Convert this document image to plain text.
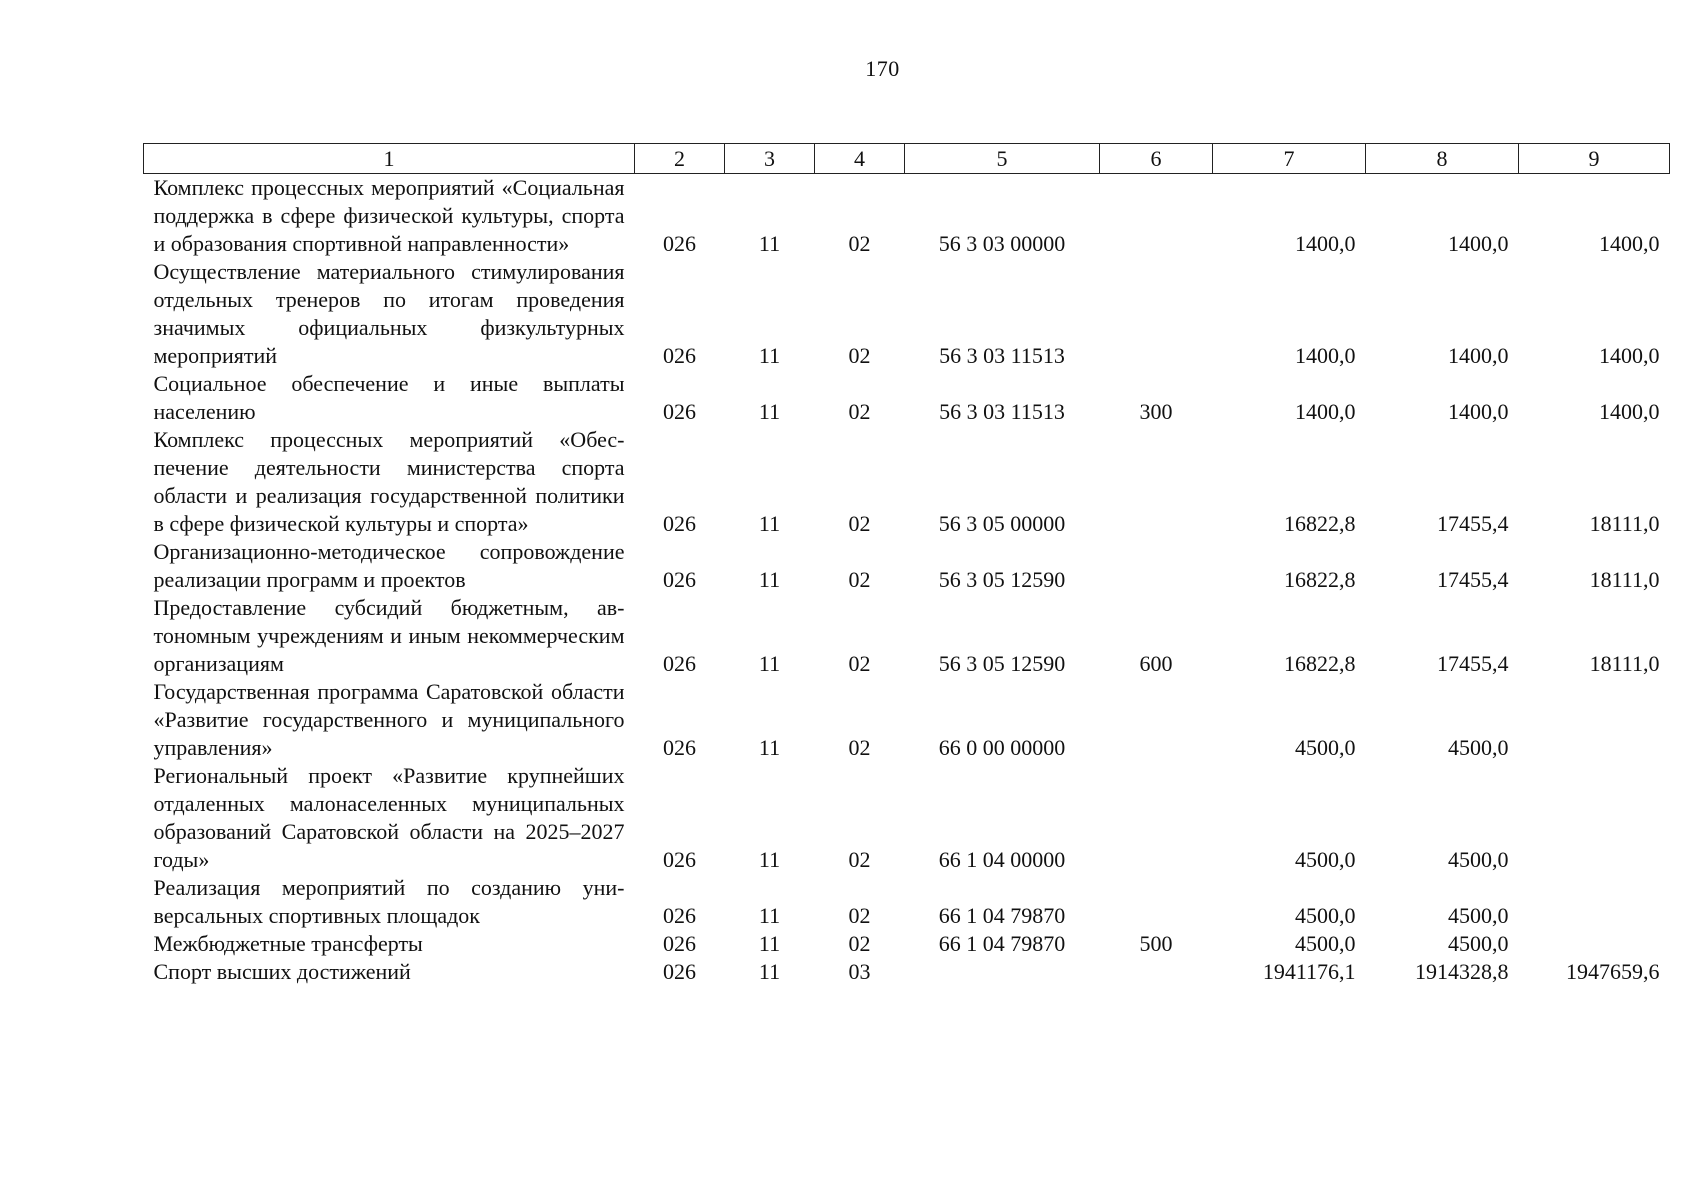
170
1	2	3	4	5	6	7	8	9
Комплекс процессных мероприятий «Социальная поддержка в сфере физической культуры, спорта и образования спортивной направленности»	026	11	02	56 3 03 00000		1400,0	1400,0	1400,0
Осуществление материального стимулирования отдельных тренеров по итогам проведения значимых официальных физкультурных мероприятий	026	11	02	56 3 03 11513		1400,0	1400,0	1400,0
Социальное обеспечение и иные выплаты населению	026	11	02	56 3 03 11513	300	1400,0	1400,0	1400,0
Комплекс процессных мероприятий «Обеспечение деятельности министерства спорта области и реализация государственной политики в сфере физической культуры и спорта»	026	11	02	56 3 05 00000		16822,8	17455,4	18111,0
Организационно-методическое сопровождение реализации программ и проектов	026	11	02	56 3 05 12590		16822,8	17455,4	18111,0
Предоставление субсидий бюджетным, автономным учреждениям и иным некоммерческим организациям	026	11	02	56 3 05 12590	600	16822,8	17455,4	18111,0
Государственная программа Саратовской области «Развитие государственного и муниципального управления»	026	11	02	66 0 00 00000		4500,0	4500,0	
Региональный проект «Развитие крупнейших отдаленных малонаселенных муниципальных образований Саратовской области на 2025–2027 годы»	026	11	02	66 1 04 00000		4500,0	4500,0	
Реализация мероприятий по созданию универсальных спортивных площадок	026	11	02	66 1 04 79870		4500,0	4500,0	
Межбюджетные трансферты	026	11	02	66 1 04 79870	500	4500,0	4500,0	
Спорт высших достижений	026	11	03			1941176,1	1914328,8	1947659,6
